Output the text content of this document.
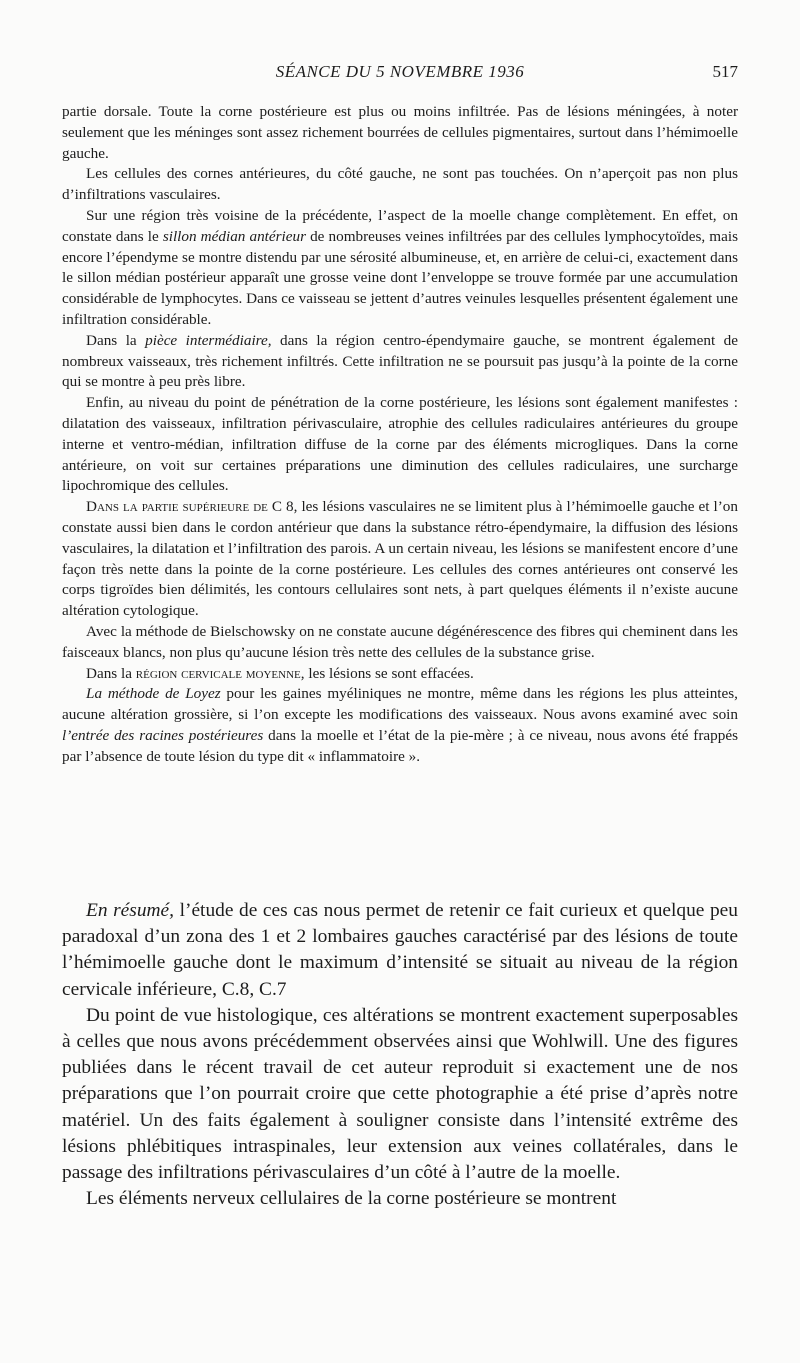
SÉANCE DU 5 NOVEMBRE 1936	517

partie dorsale. Toute la corne postérieure est plus ou moins infiltrée. Pas de lésions méningées, à noter seulement que les méninges sont assez richement bourrées de cellules pigmentaires, surtout dans l’hémimoelle gauche.

Les cellules des cornes antérieures, du côté gauche, ne sont pas touchées. On n’aperçoit pas non plus d’infiltrations vasculaires.

Sur une région très voisine de la précédente, l’aspect de la moelle change complètement. En effet, on constate dans le sillon médian antérieur de nombreuses veines infiltrées par des cellules lymphocytoïdes, mais encore l’épendyme se montre distendu par une sérosité albumineuse, et, en arrière de celui-ci, exactement dans le sillon médian postérieur apparaît une grosse veine dont l’enveloppe se trouve formée par une accumulation considérable de lymphocytes. Dans ce vaisseau se jettent d’autres veinules lesquelles présentent également une infiltration considérable.

Dans la pièce intermédiaire, dans la région centro-épendymaire gauche, se montrent également de nombreux vaisseaux, très richement infiltrés. Cette infiltration ne se poursuit pas jusqu’à la pointe de la corne qui se montre à peu près libre.

Enfin, au niveau du point de pénétration de la corne postérieure, les lésions sont également manifestes : dilatation des vaisseaux, infiltration périvasculaire, atrophie des cellules radiculaires antérieures du groupe interne et ventro-médian, infiltration diffuse de la corne par des éléments microgliques. Dans la corne antérieure, on voit sur certaines préparations une diminution des cellules radiculaires, une surcharge lipochromique des cellules.

Dans la partie supérieure de C 8, les lésions vasculaires ne se limitent plus à l’hémimoelle gauche et l’on constate aussi bien dans le cordon antérieur que dans la substance rétro-épendymaire, la diffusion des lésions vasculaires, la dilatation et l’infiltration des parois. A un certain niveau, les lésions se manifestent encore d’une façon très nette dans la pointe de la corne postérieure. Les cellules des cornes antérieures ont conservé les corps tigroïdes bien délimités, les contours cellulaires sont nets, à part quelques éléments il n’existe aucune altération cytologique.

Avec la méthode de Bielschowsky on ne constate aucune dégénérescence des fibres qui cheminent dans les faisceaux blancs, non plus qu’aucune lésion très nette des cellules de la substance grise.

Dans la région cervicale moyenne, les lésions se sont effacées.

La méthode de Loyez pour les gaines myéliniques ne montre, même dans les régions les plus atteintes, aucune altération grossière, si l’on excepte les modifications des vaisseaux. Nous avons examiné avec soin l’entrée des racines postérieures dans la moelle et l’état de la pie-mère ; à ce niveau, nous avons été frappés par l’absence de toute lésion du type dit « inflammatoire ».

En résumé, l’étude de ces cas nous permet de retenir ce fait curieux et quelque peu paradoxal d’un zona des 1 et 2 lombaires gauches caractérisé par des lésions de toute l’hémimoelle gauche dont le maximum d’intensité se situait au niveau de la région cervicale inférieure, C.8, C.7

Du point de vue histologique, ces altérations se montrent exactement superposables à celles que nous avons précédemment observées ainsi que Wohlwill. Une des figures publiées dans le récent travail de cet auteur reproduit si exactement une de nos préparations que l’on pourrait croire que cette photographie a été prise d’après notre matériel. Un des faits également à souligner consiste dans l’intensité extrême des lésions phlébitiques intraspinales, leur extension aux veines collatérales, dans le passage des infiltrations périvasculaires d’un côté à l’autre de la moelle.

Les éléments nerveux cellulaires de la corne postérieure se montrent
